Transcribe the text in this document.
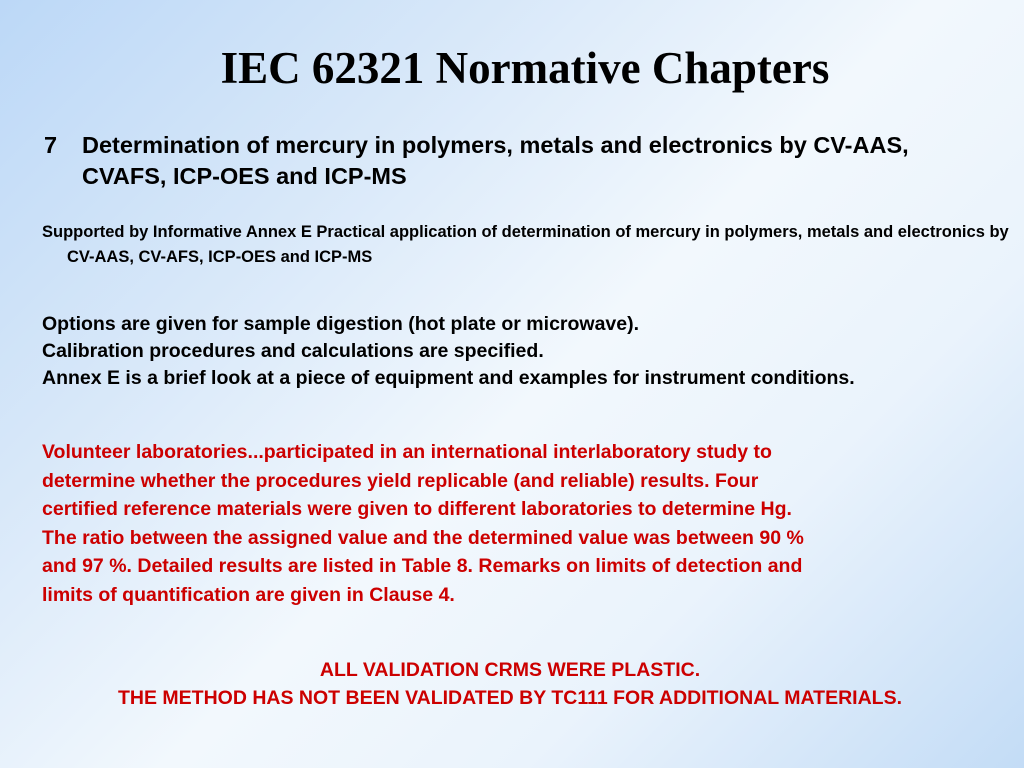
IEC 62321 Normative Chapters
7 Determination of mercury in polymers, metals and electronics by CV-AAS, CVAFS, ICP-OES and ICP-MS
Supported by Informative Annex E Practical application of determination of mercury in polymers, metals and electronics by CV-AAS, CV-AFS, ICP-OES and ICP-MS
Options are given for sample digestion (hot plate or microwave).
Calibration procedures and calculations are specified.
Annex E is a brief look at a piece of equipment and examples for instrument conditions.
Volunteer laboratories...participated in an international interlaboratory study to
determine whether the procedures yield replicable (and reliable) results. Four
certified reference materials were given to different laboratories to determine Hg.
The ratio between the assigned value and the determined value was between 90 %
and 97 %. Detailed results are listed in Table 8. Remarks on limits of detection and
limits of quantification are given in Clause 4.
ALL VALIDATION CRMS WERE PLASTIC.
THE METHOD HAS NOT BEEN VALIDATED BY TC111 FOR ADDITIONAL MATERIALS.
